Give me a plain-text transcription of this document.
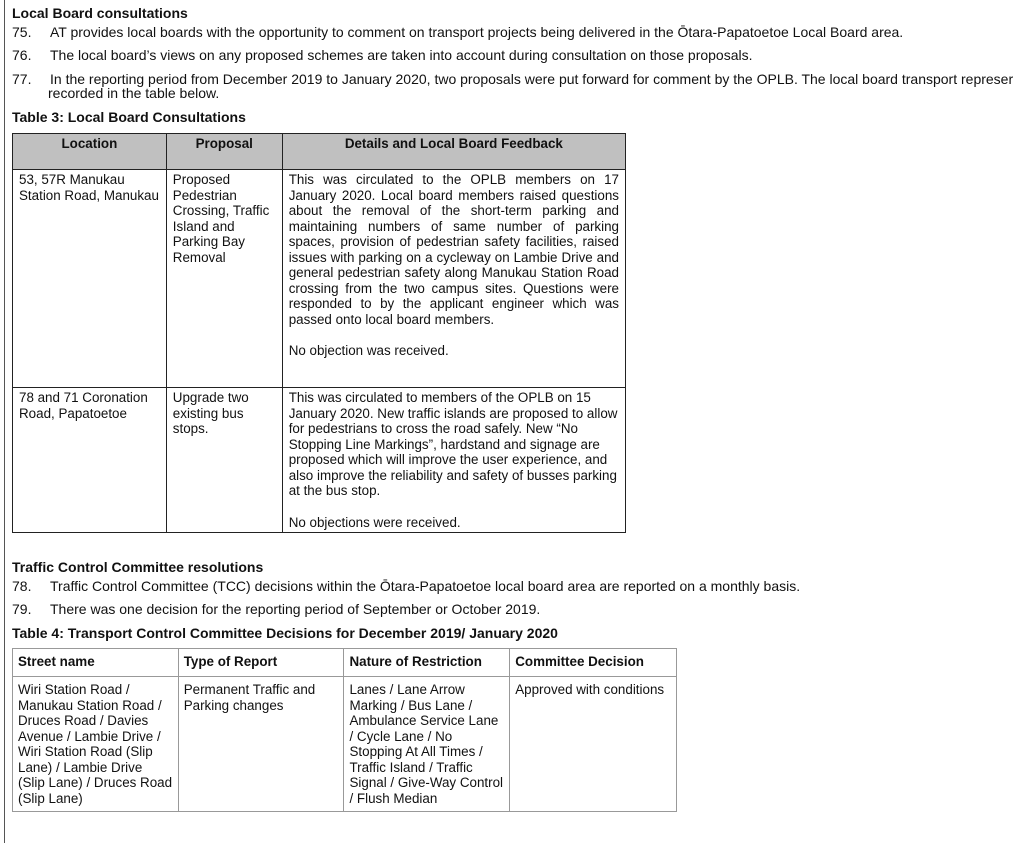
Local Board consultations
75. AT provides local boards with the opportunity to comment on transport projects being delivered in the Ōtara-Papatoetoe Local Board area.
76. The local board’s views on any proposed schemes are taken into account during consultation on those proposals.
77. In the reporting period from December 2019 to January 2020, two proposals were put forward for comment by the OPLB. The local board transport represer
recorded in the table below.
Table 3: Local Board Consultations
Location	Proposal	Details and Local Board Feedback
53, 57R Manukau Station Road, Manukau	Proposed Pedestrian Crossing, Traffic Island and Parking Bay Removal	This was circulated to the OPLB members on 17 January 2020. Local board members raised questions about the removal of the short-term parking and maintaining numbers of same number of parking spaces, provision of pedestrian safety facilities, raised issues with parking on a cycleway on Lambie Drive and general pedestrian safety along Manukau Station Road crossing from the two campus sites. Questions were responded to by the applicant engineer which was passed onto local board members.

No objection was received.

78 and 71 Coronation Road, Papatoetoe	Upgrade two existing bus stops.	This was circulated to members of the OPLB on 15 January 2020. New traffic islands are proposed to allow for pedestrians to cross the road safely. New “No Stopping Line Markings”, hardstand and signage are proposed which will improve the user experience, and also improve the reliability and safety of busses parking at the bus stop.

No objections were received.

Traffic Control Committee resolutions
78. Traffic Control Committee (TCC) decisions within the Ōtara-Papatoetoe local board area are reported on a monthly basis.
79. There was one decision for the reporting period of September or October 2019.
Table 4: Transport Control Committee Decisions for December 2019/ January 2020
Street name	Type of Report	Nature of Restriction	Committee Decision
Wiri Station Road / Manukau Station Road / Druces Road / Davies Avenue / Lambie Drive / Wiri Station Road (Slip Lane) / Lambie Drive (Slip Lane) / Druces Road (Slip Lane)	Permanent Traffic and Parking changes	Lanes / Lane Arrow Marking / Bus Lane / Ambulance Service Lane / Cycle Lane / No Stopping At All Times / Traffic Island / Traffic Signal / Give-Way Control / Flush Median	Approved with conditions
